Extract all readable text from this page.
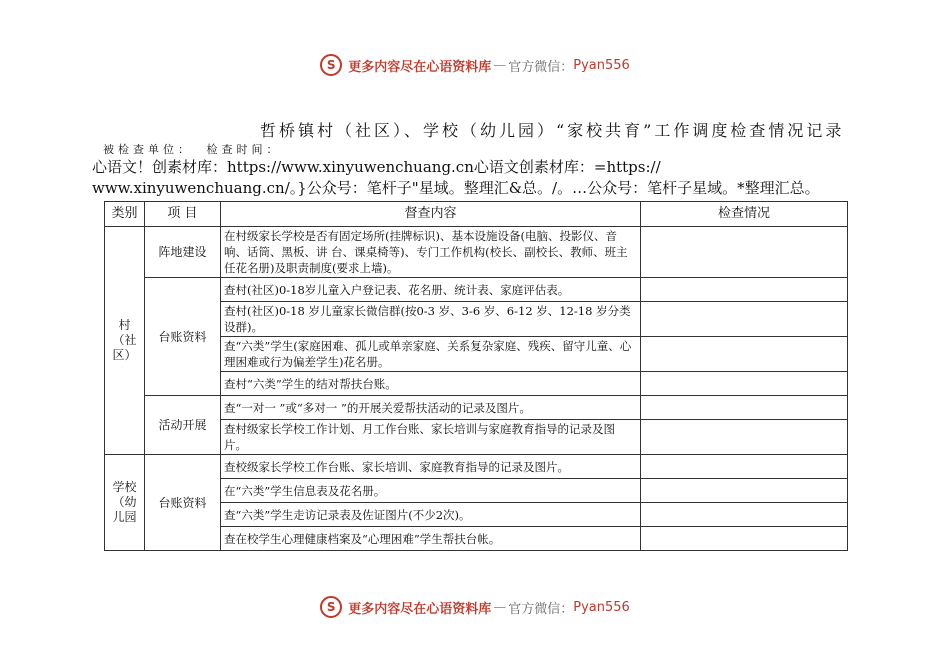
S 更多内容尽在心语资料库 — 官方微信： Pyan556
哲桥镇村（社区）、学校（幼儿园）“家校共育”工作调度检查情况记录
被检查单位： 检查时间：
心语文！创素材库：https://www.xinyuwenchuang.cn心语文创素材库：=https://
www.xinyuwenchuang.cn/。}公众号：笔杆子"星域。整理汇&总。/。…公众号：笔杆子星域。*整理汇总。
类别	项 目	督查内容	检查情况
村（社 区）	阵地建设	在村级家长学校是否有固定场所(挂牌标识)、基本设施设备(电脑、投影仪、音响、话筒、黑板、讲 台、课桌椅等)、专门工作机构(校长、副校长、教师、班主任花名册)及职责制度(要求上墙)。	
	台账资料	查村(社区)0-18岁儿童入户登记表、花名册、统计表、家庭评估表。	
		查村(社区)0-18 岁儿童家长微信群(按0-3 岁、3-6 岁、6-12 岁、12-18 岁分类设群)。	
		查“六类”学生(家庭困难、孤儿或单亲家庭、关系复杂家庭、残疾、留守儿童、心理困难或行为偏差学生)花名册。	
		查村“六类”学生的结对帮扶台账。	
	活动开展	查“一对一 ”或“多对一 ”的开展关爱帮扶活动的记录及图片。	
		查村级家长学校工作计划、月工作台账、家长培训与家庭教育指导的记录及图片。	

学校（幼儿园	台账资料	查校级家长学校工作台账、家长培训、家庭教育指导的记录及图片。	
		在“六类”学生信息表及花名册。	
		查“六类”学生走访记录表及佐证图片(不少2次)。	
		查在校学生心理健康档案及“心理困难”学生帮扶台帐。	
S 更多内容尽在心语资料库 — 官方微信： Pyan556
